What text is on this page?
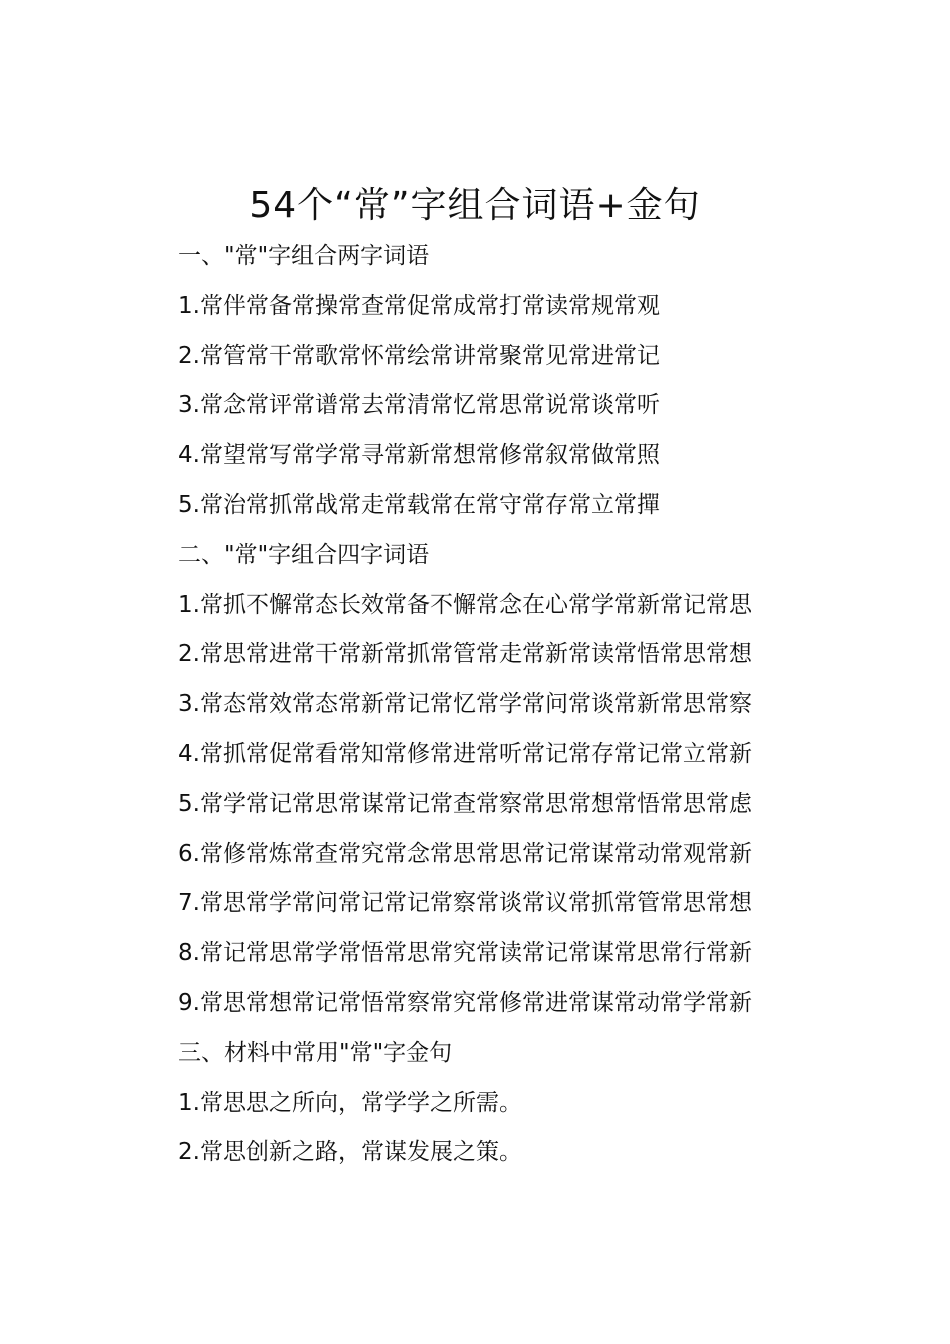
54个“常”字组合词语+金句
一、"常"字组合两字词语
1.常伴常备常操常查常促常成常打常读常规常观
2.常管常干常歌常怀常绘常讲常聚常见常进常记
3.常念常评常谱常去常清常忆常思常说常谈常听
4.常望常写常学常寻常新常想常修常叙常做常照
5.常治常抓常战常走常载常在常守常存常立常撣
二、"常"字组合四字词语
1.常抓不懈常态长效常备不懈常念在心常学常新常记常思
2.常思常进常干常新常抓常管常走常新常读常悟常思常想
3.常态常效常态常新常记常忆常学常问常谈常新常思常察
4.常抓常促常看常知常修常进常听常记常存常记常立常新
5.常学常记常思常谋常记常查常察常思常想常悟常思常虑
6.常修常炼常查常究常念常思常思常记常谋常动常观常新
7.常思常学常问常记常记常察常谈常议常抓常管常思常想
8.常记常思常学常悟常思常究常读常记常谋常思常行常新
9.常思常想常记常悟常察常究常修常进常谋常动常学常新
三、材料中常用"常"字金句
1.常思思之所向，常学学之所需。
2.常思创新之路，常谋发展之策。
